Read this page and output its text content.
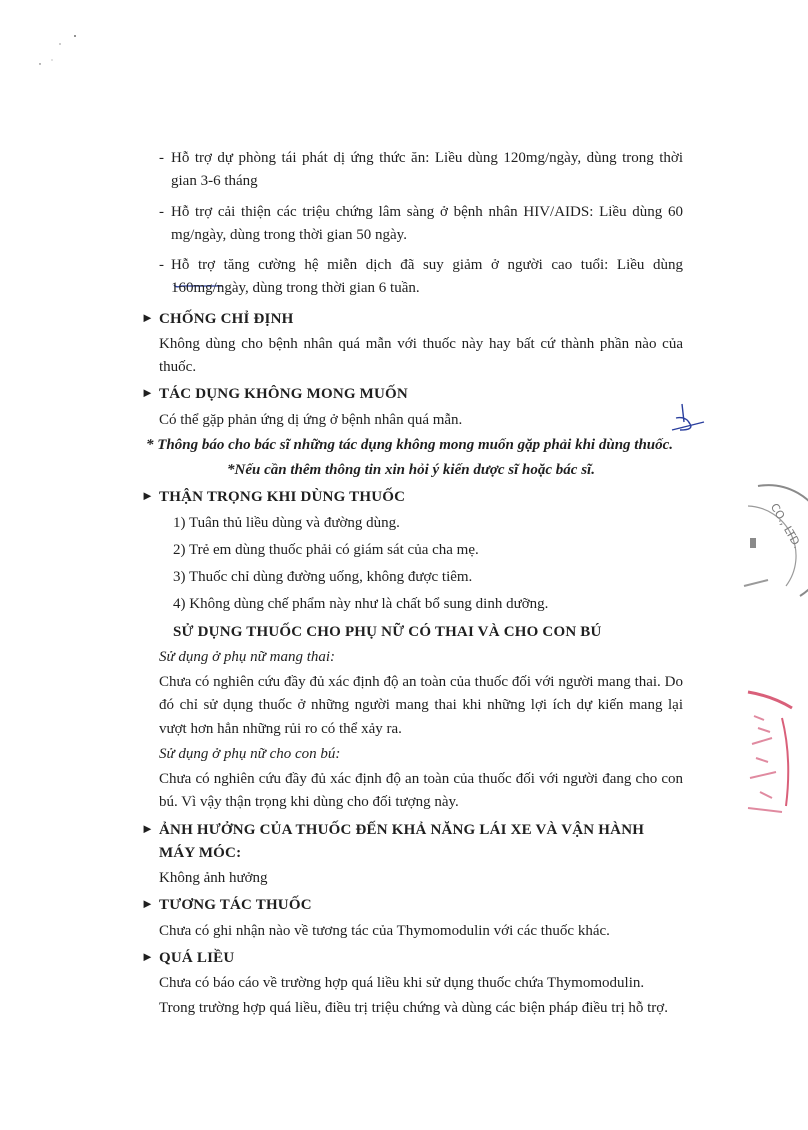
CO., LTD.
- Hỗ trợ dự phòng tái phát dị ứng thức ăn: Liều dùng 120mg/ngày, dùng trong thời gian 3-6 tháng
- Hỗ trợ cải thiện các triệu chứng lâm sàng ở bệnh nhân HIV/AIDS: Liều dùng 60 mg/ngày, dùng trong thời gian 50 ngày.
- Hỗ trợ tăng cường hệ miễn dịch đã suy giảm ở người cao tuổi: Liều dùng 160mg/ngày, dùng trong thời gian 6 tuần.
► CHỐNG CHỈ ĐỊNH

Không dùng cho bệnh nhân quá mẫn với thuốc này hay bất cứ thành phần nào của thuốc.

► TÁC DỤNG KHÔNG MONG MUỐN

Có thể gặp phản ứng dị ứng ở bệnh nhân quá mẫn.

* Thông báo cho bác sĩ những tác dụng không mong muốn gặp phải khi dùng thuốc.
*Nếu cần thêm thông tin xin hỏi ý kiến dược sĩ hoặc bác sĩ.
► THẬN TRỌNG KHI DÙNG THUỐC
1) Tuân thủ liều dùng và đường dùng.
2) Trẻ em dùng thuốc phải có giám sát của cha mẹ.
3) Thuốc chỉ dùng đường uống, không được tiêm.
4) Không dùng chế phẩm này như là chất bổ sung dinh dưỡng.
SỬ DỤNG THUỐC CHO PHỤ NỮ CÓ THAI VÀ CHO CON BÚ

Sử dụng ở phụ nữ mang thai:

Chưa có nghiên cứu đầy đủ xác định độ an toàn của thuốc đối với người mang thai. Do đó chỉ sử dụng thuốc ở những người mang thai khi những lợi ích dự kiến mang lại vượt hơn hẳn những rủi ro có thể xảy ra.

Sử dụng ở phụ nữ cho con bú:

Chưa có nghiên cứu đầy đủ xác định độ an toàn của thuốc đối với người đang cho con bú. Vì vậy thận trọng khi dùng cho đối tượng này.

► ẢNH HƯỞNG CỦA THUỐC ĐẾN KHẢ NĂNG LÁI XE VÀ VẬN HÀNH MÁY MÓC:

Không ảnh hưởng

► TƯƠNG TÁC THUỐC

Chưa có ghi nhận nào về tương tác của Thymomodulin với các thuốc khác.

► QUÁ LIỀU

Chưa có báo cáo về trường hợp quá liều khi sử dụng thuốc chứa Thymomodulin.

Trong trường hợp quá liều, điều trị triệu chứng và dùng các biện pháp điều trị hỗ trợ.
